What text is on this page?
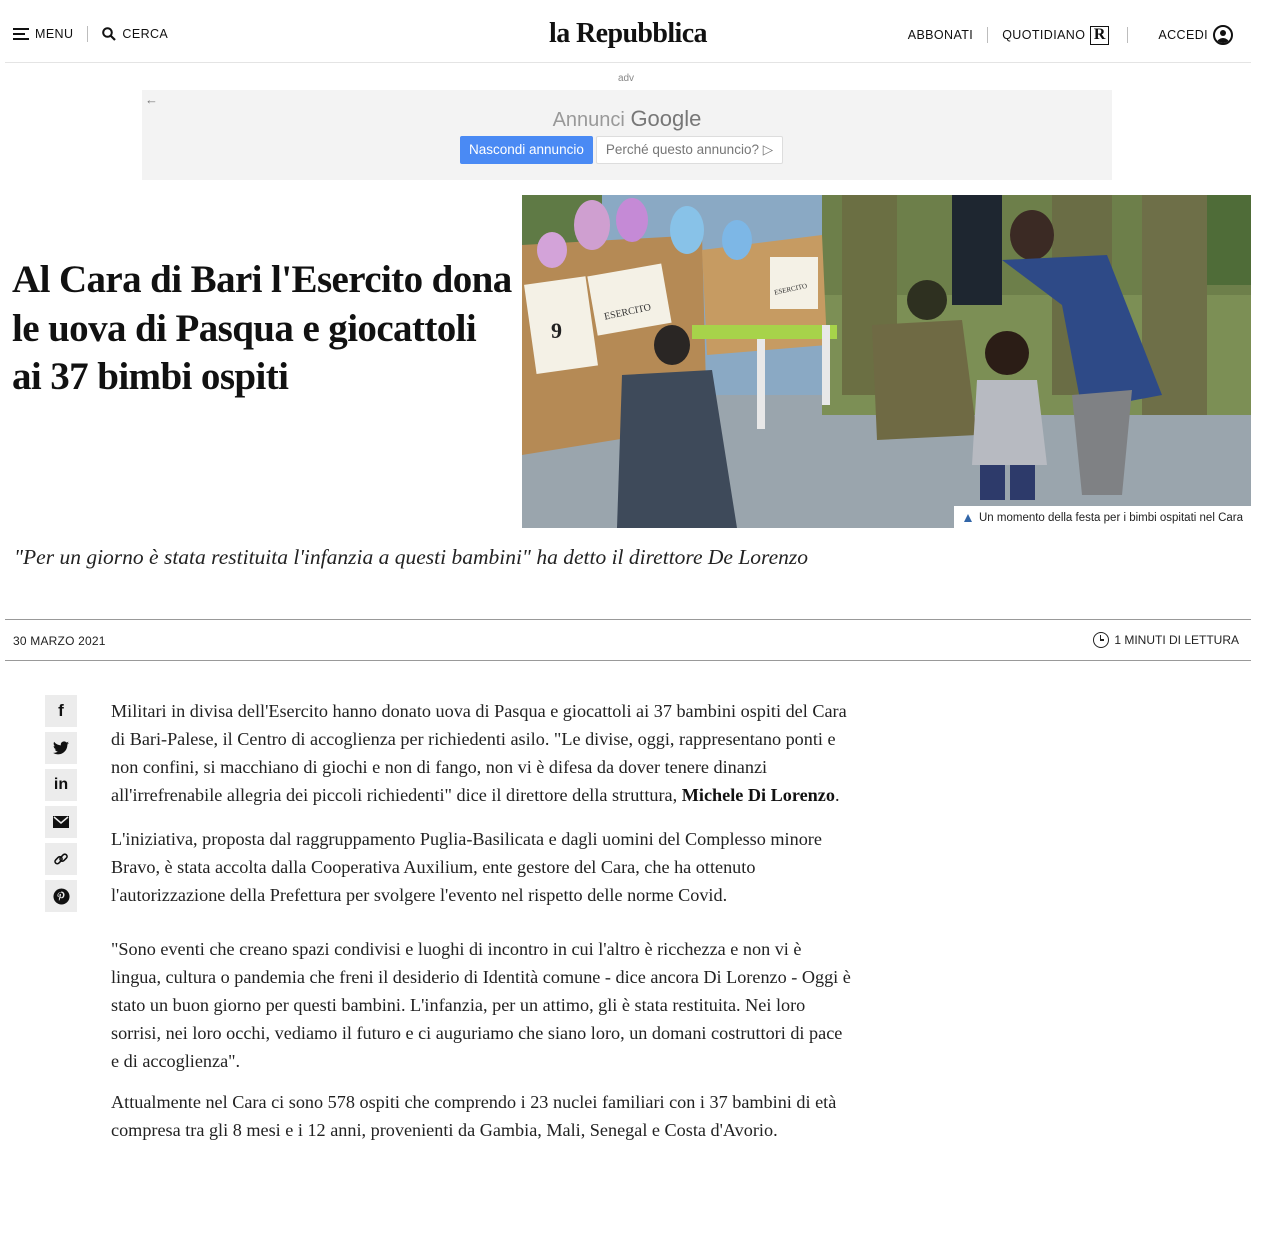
MENU	CERCA	la Repubblica	ABBONATI QUOTIDIANO R	ACCEDI
adv
←
Annunci Google
Nascondi annuncio	Perché questo annuncio? ▷
Al Cara di Bari l'Esercito dona le uova di Pasqua e giocattoli ai 37 bimbi ospiti
9
ESERCITO
ESERCITO
Un momento della festa per i bimbi ospitati nel Cara

"Per un giorno è stata restituita l'infanzia a questi bambini" ha detto il direttore De Lorenzo

30 MARZO 2021	1 MINUTI DI LETTURA
f
in

Militari in divisa dell'Esercito hanno donato uova di Pasqua e giocattoli ai 37 bambini ospiti del Cara di Bari-Palese, il Centro di accoglienza per richiedenti asilo. "Le divise, oggi, rappresentano ponti e non confini, si macchiano di giochi e non di fango, non vi è difesa da dover tenere dinanzi all'irrefrenabile allegria dei piccoli richiedenti" dice il direttore della struttura, Michele Di Lorenzo.

L'iniziativa, proposta dal raggruppamento Puglia-Basilicata e dagli uomini del Complesso minore Bravo, è stata accolta dalla Cooperativa Auxilium, ente gestore del Cara, che ha ottenuto l'autorizzazione della Prefettura per svolgere l'evento nel rispetto delle norme Covid.

"Sono eventi che creano spazi condivisi e luoghi di incontro in cui l'altro è ricchezza e non vi è lingua, cultura o pandemia che freni il desiderio di Identità comune - dice ancora Di Lorenzo - Oggi è stato un buon giorno per questi bambini. L'infanzia, per un attimo, gli è stata restituita. Nei loro sorrisi, nei loro occhi, vediamo il futuro e ci auguriamo che siano loro, un domani costruttori di pace e di accoglienza".

Attualmente nel Cara ci sono 578 ospiti che comprendo i 23 nuclei familiari con i 37 bambini di età compresa tra gli 8 mesi e i 12 anni, provenienti da Gambia, Mali, Senegal e Costa d'Avorio.
